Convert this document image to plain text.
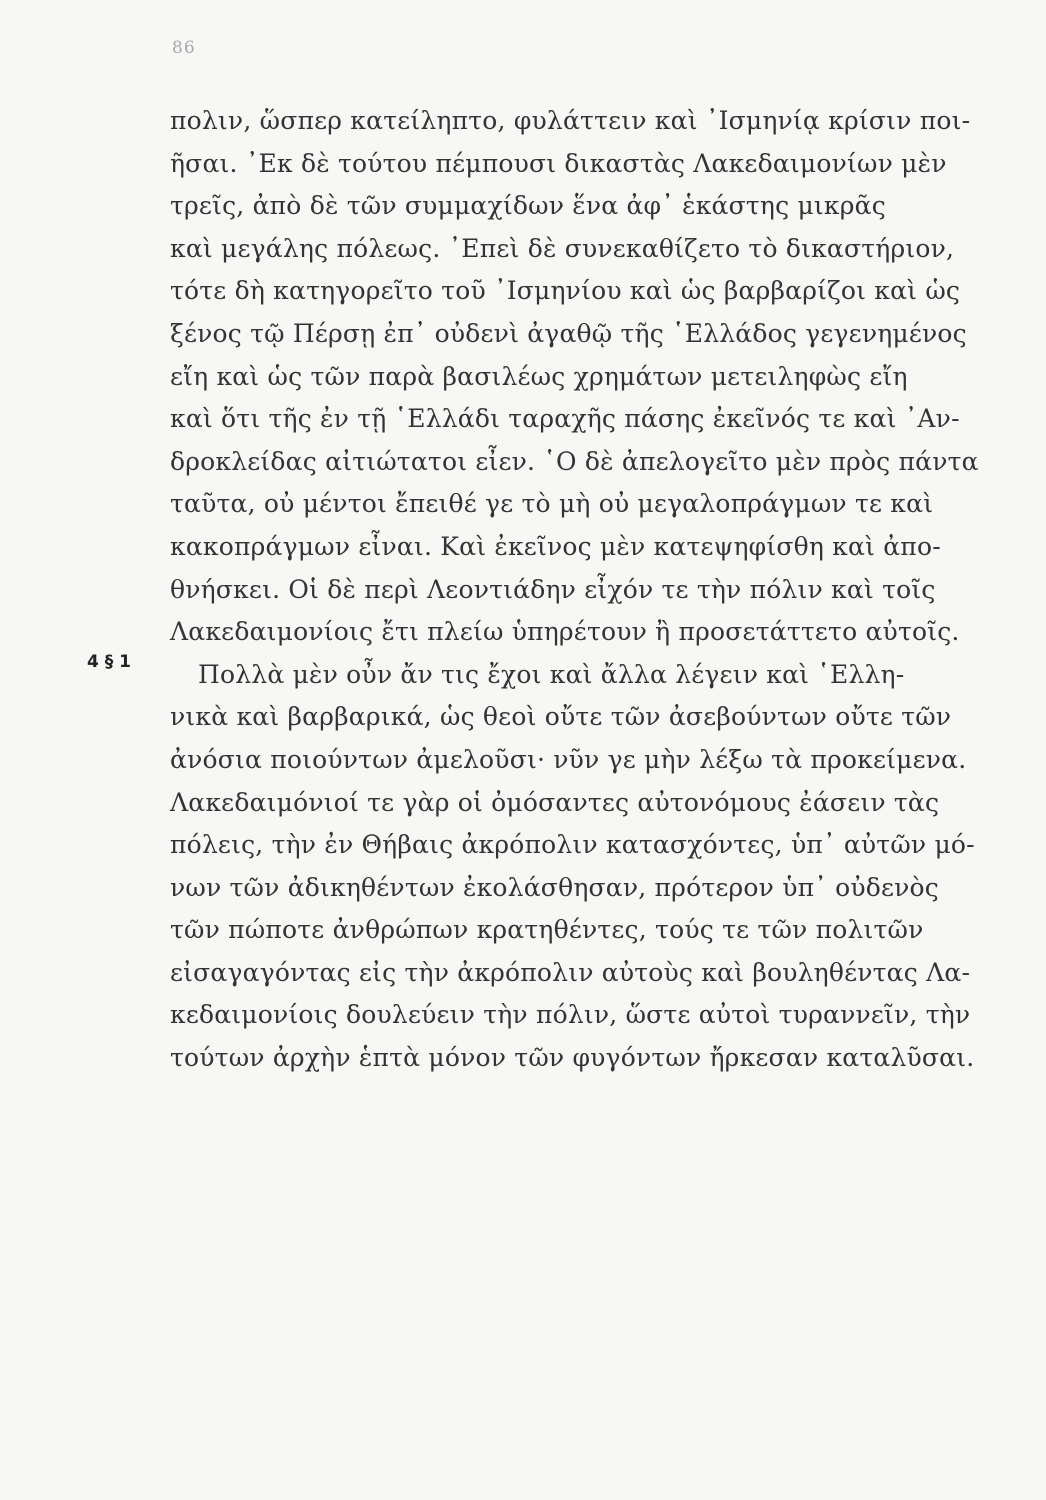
86
4 § 1
πολιν, ὥσπερ κατείληπτο, φυλάττειν καὶ ᾿Ισμηνίᾳ κρίσιν ποι-
ῆσαι. ᾿Εκ δὲ τούτου πέμπουσι δικαστὰς Λακεδαιμονίων μὲν
τρεῖς, ἀπὸ δὲ τῶν συμμαχίδων ἕνα ἀφ᾿ ἑκάστης μικρᾶς
καὶ μεγάλης πόλεως. ᾿Επεὶ δὲ συνεκαθίζετο τὸ δικαστήριον,
τότε δὴ κατηγορεῖτο τοῦ ᾿Ισμηνίου καὶ ὡς βαρβαρίζοι καὶ ὡς
ξένος τῷ Πέρσῃ ἐπ᾿ οὐδενὶ ἀγαθῷ τῆς ῾Ελλάδος γεγενημένος
εἴη καὶ ὡς τῶν παρὰ βασιλέως χρημάτων μετειληφὼς εἴη
καὶ ὅτι τῆς ἐν τῇ ῾Ελλάδι ταραχῆς πάσης ἐκεῖνός τε καὶ ᾿Αν-
δροκλείδας αἰτιώτατοι εἶεν. ῾Ο δὲ ἀπελογεῖτο μὲν πρὸς πάντα
ταῦτα, οὐ μέντοι ἔπειθέ γε τὸ μὴ οὐ μεγαλοπράγμων τε καὶ
κακοπράγμων εἶναι. Καὶ ἐκεῖνος μὲν κατεψηφίσθη καὶ ἀπο-
θνήσκει. Οἱ δὲ περὶ Λεοντιάδην εἶχόν τε τὴν πόλιν καὶ τοῖς
Λακεδαιμονίοις ἔτι πλείω ὑπηρέτουν ἢ προσετάττετο αὐτοῖς.
Πολλὰ μὲν οὖν ἄν τις ἔχοι καὶ ἄλλα λέγειν καὶ ῾Ελλη-
νικὰ καὶ βαρβαρικά, ὡς θεοὶ οὔτε τῶν ἀσεβούντων οὔτε τῶν
ἀνόσια ποιούντων ἀμελοῦσι· νῦν γε μὴν λέξω τὰ προκείμενα.
Λακεδαιμόνιοί τε γὰρ οἱ ὀμόσαντες αὐτονόμους ἐάσειν τὰς
πόλεις, τὴν ἐν Θήβαις ἀκρόπολιν κατασχόντες, ὑπ᾿ αὐτῶν μό-
νων τῶν ἀδικηθέντων ἐκολάσθησαν, πρότερον ὑπ᾿ οὐδενὸς
τῶν πώποτε ἀνθρώπων κρατηθέντες, τούς τε τῶν πολιτῶν
εἰσαγαγόντας εἰς τὴν ἀκρόπολιν αὐτοὺς καὶ βουληθέντας Λα-
κεδαιμονίοις δουλεύειν τὴν πόλιν, ὥστε αὐτοὶ τυραννεῖν, τὴν
τούτων ἀρχὴν ἑπτὰ μόνον τῶν φυγόντων ἤρκεσαν καταλῦσαι.
